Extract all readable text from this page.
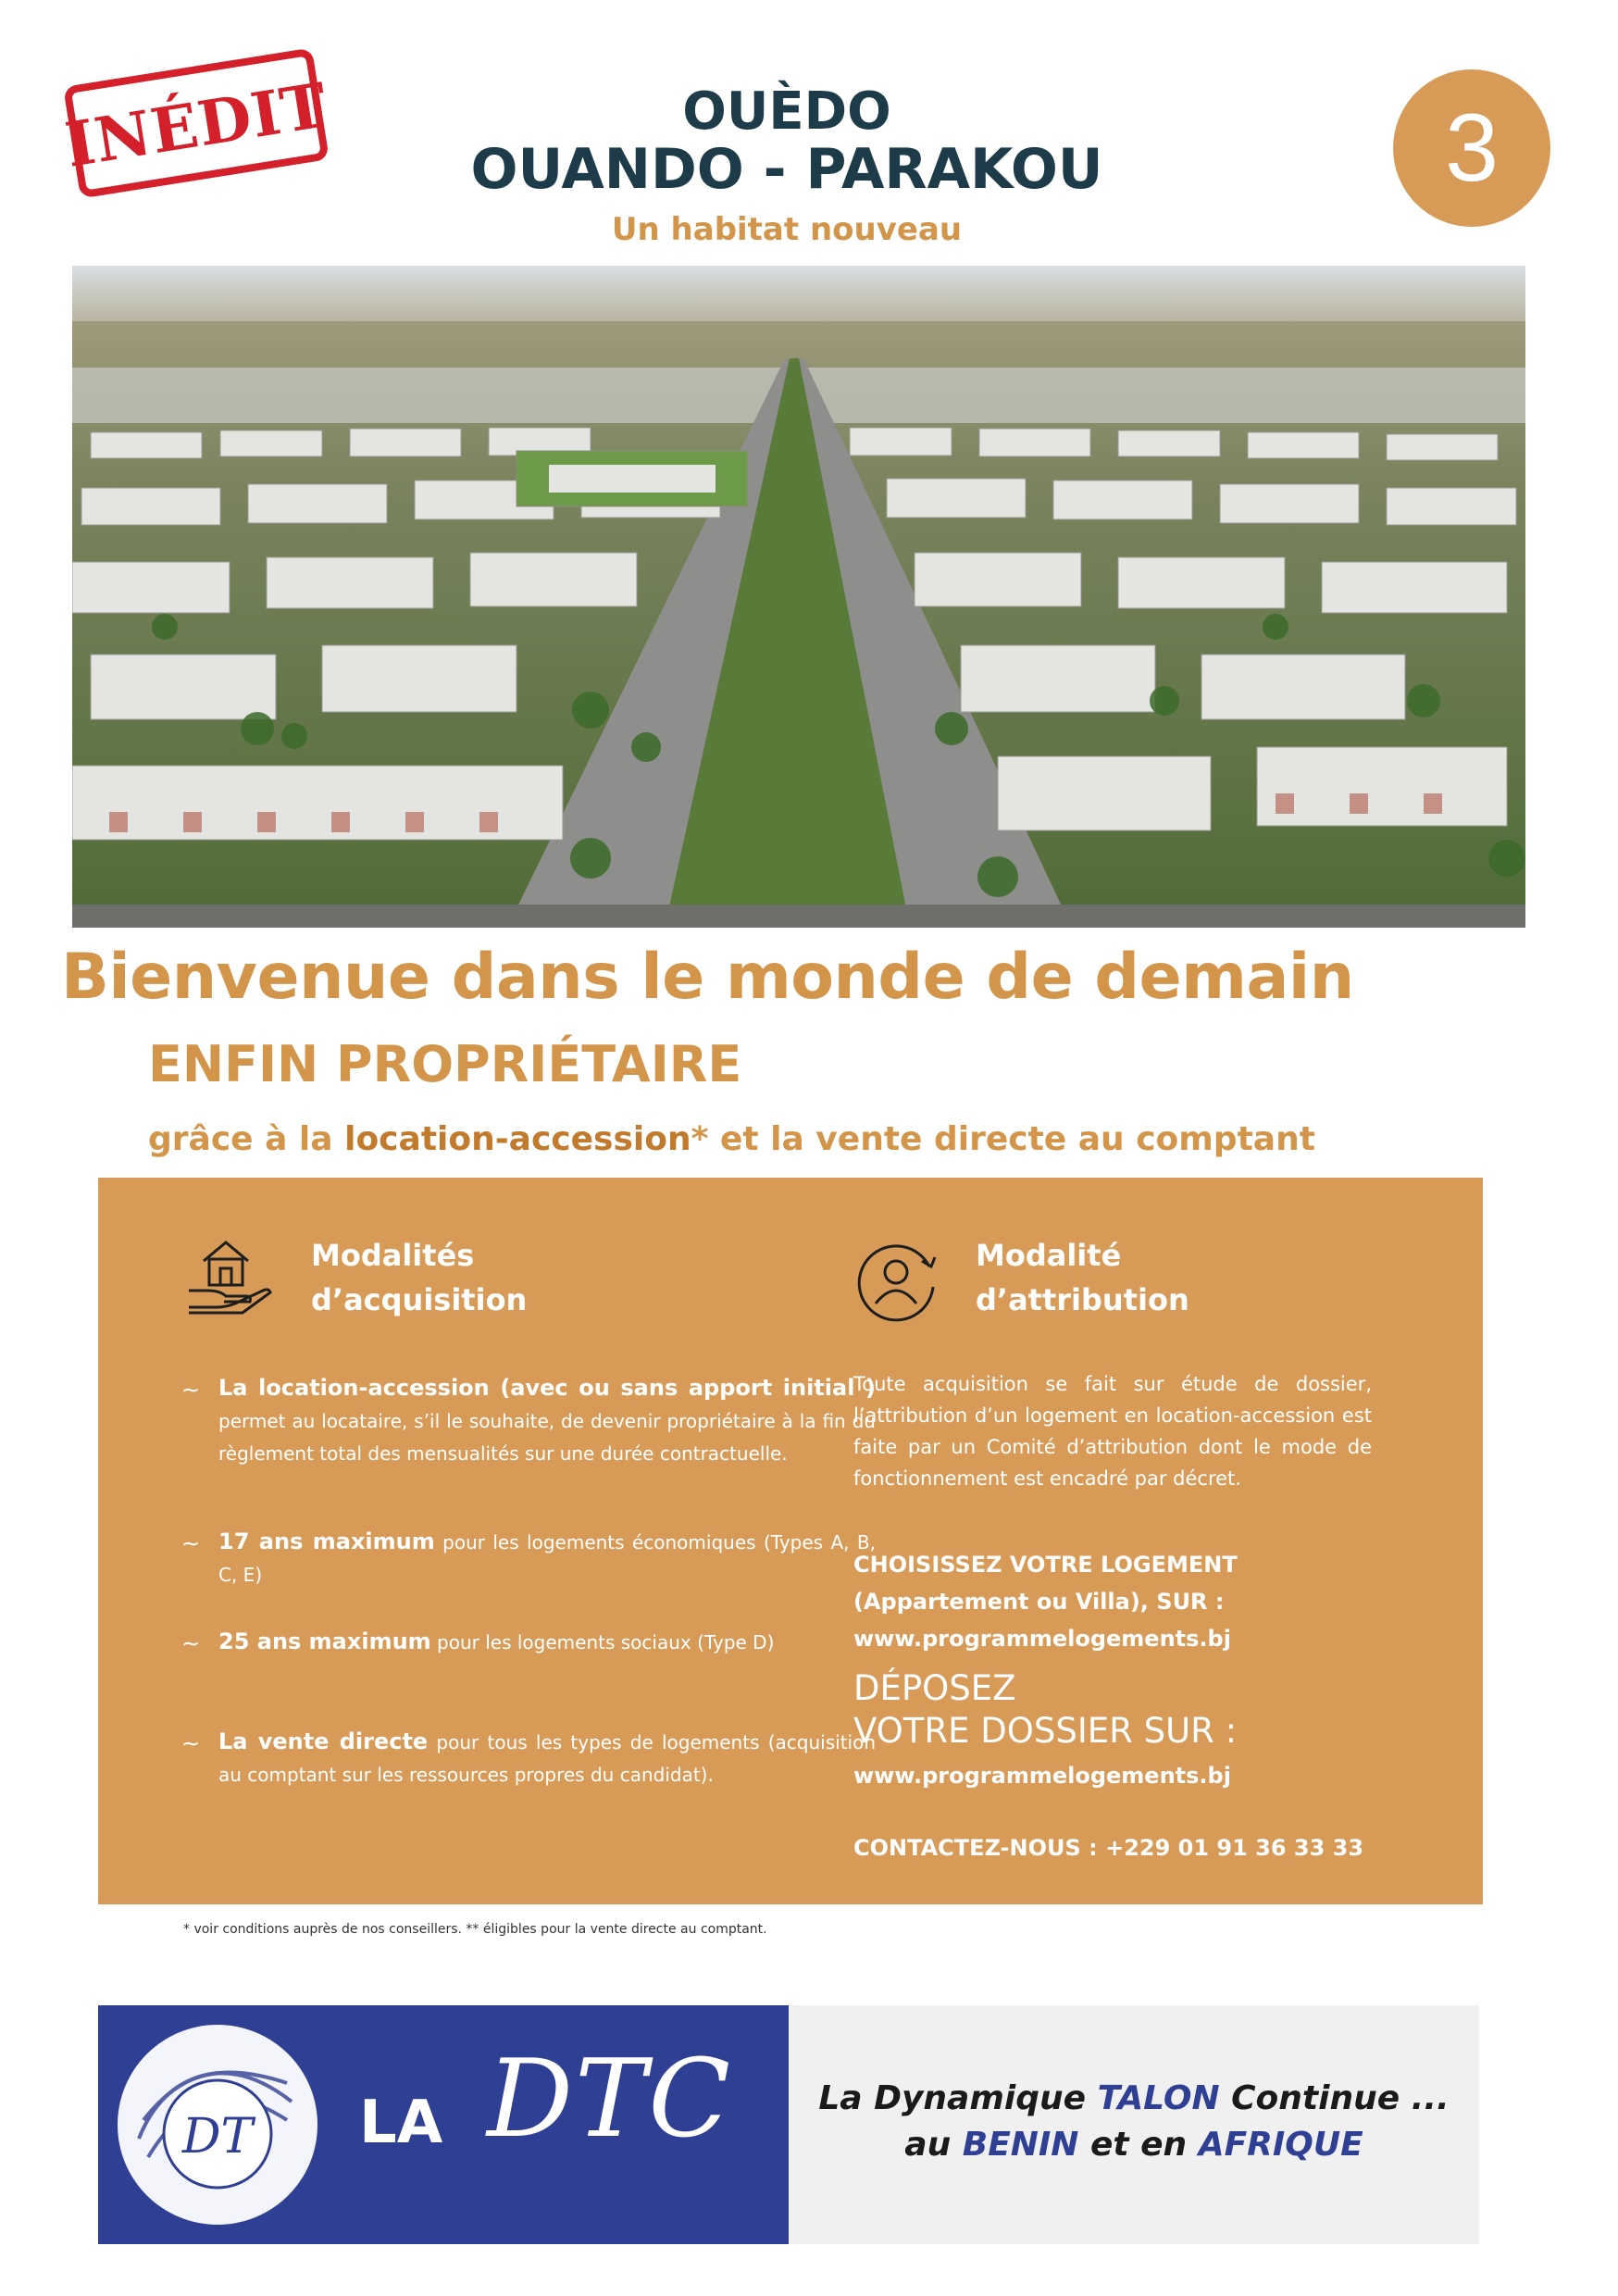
INÉDIT	OUÈDO
OUANDO - PARAKOU
Un habitat nouveau
3
Bienvenue dans le monde de demain
ENFIN PROPRIÉTAIRE
grâce à la location-accession* et la vente directe au comptant
Modalités
d’acquisition
Modalité
d’attribution
∼ La location-accession (avec ou sans apport initial ) permet au locataire, s’il le souhaite, de devenir propriétaire à la fin du règlement total des mensualités sur une durée contractuelle.
∼ 17 ans maximum pour les logements économiques (Types A, B, C, E)
∼ 25 ans maximum pour les logements sociaux (Type D)
∼ La vente directe pour tous les types de logements (acquisition au comptant sur les ressources propres du candidat).
Toute acquisition se fait sur étude de dossier, l’attribution d’un logement en location-accession est faite par un Comité d’attribution dont le mode de fonctionnement est encadré par décret.
CHOISISSEZ VOTRE LOGEMENT
(Appartement ou Villa), SUR :
www.programmelogements.bj
DÉPOSEZ
VOTRE DOSSIER SUR :
www.programmelogements.bj
CONTACTEZ-NOUS : +229 01 91 36 33 33
* voir conditions auprès de nos conseillers. ** éligibles pour la vente directe au comptant.
DT LA DTC	La Dynamique TALON Continue ...
au BENIN et en AFRIQUE
